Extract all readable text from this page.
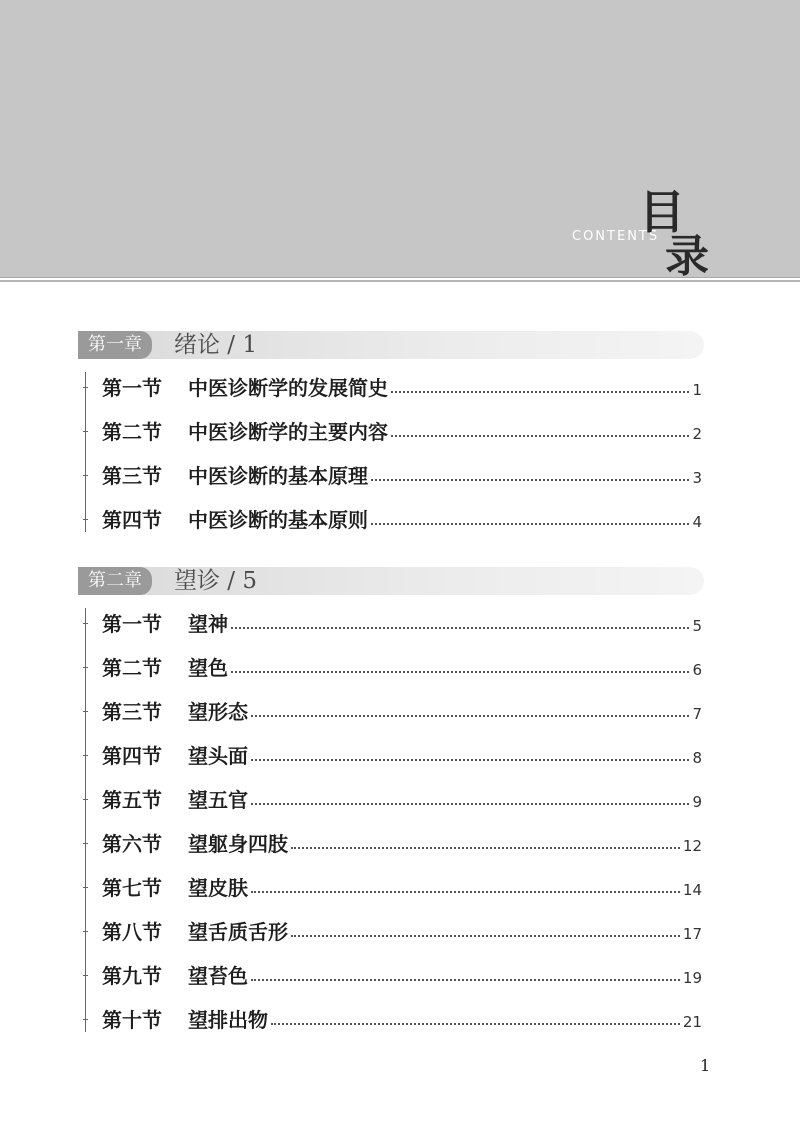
CONTENTS
目
录
第一章	绪论 / 1
第一节	中医诊断学的发展简史	1
第二节	中医诊断学的主要内容	2
第三节	中医诊断的基本原理	3
第四节	中医诊断的基本原则	4
第二章	望诊 / 5
第一节	望神	5
第二节	望色	6
第三节	望形态	7
第四节	望头面	8
第五节	望五官	9
第六节	望躯身四肢	12
第七节	望皮肤	14
第八节	望舌质舌形	17
第九节	望苔色	19
第十节	望排出物	21
1
